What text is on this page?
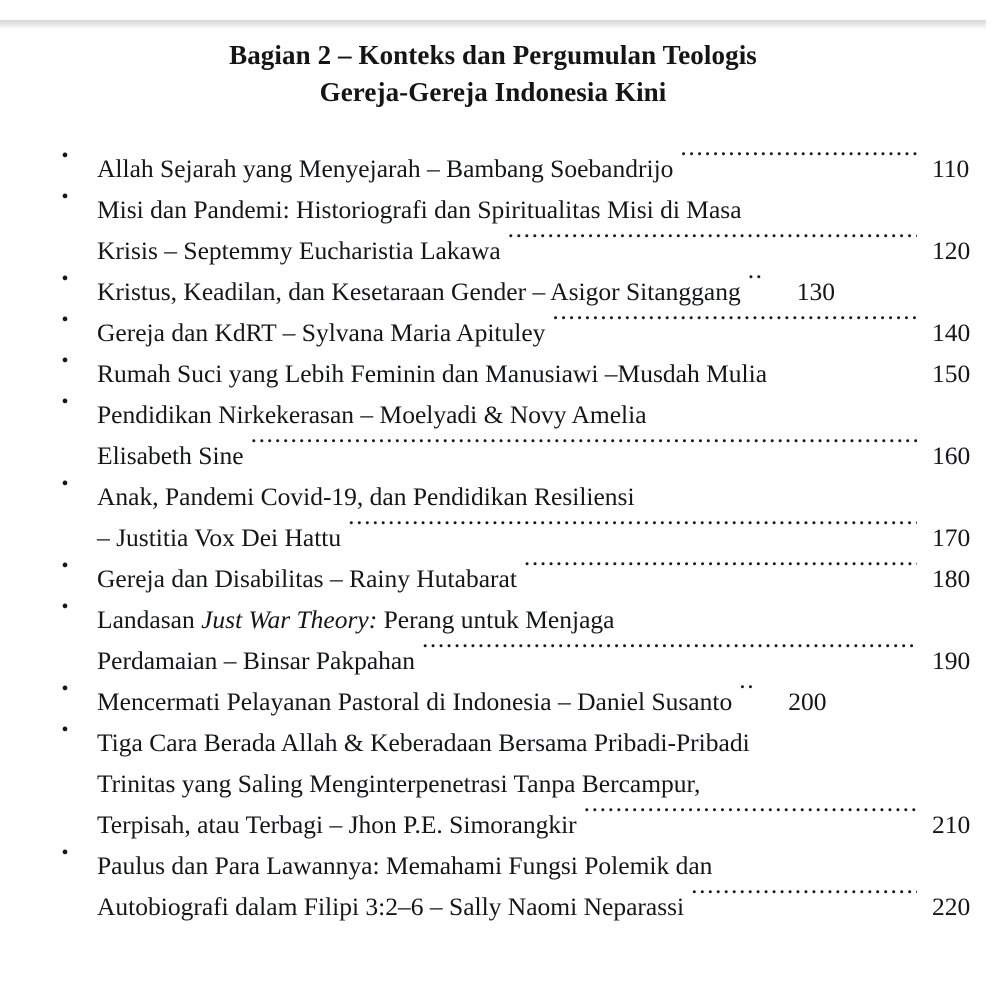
Bagian 2 – Konteks dan Pergumulan Teologis
Gereja-Gereja Indonesia Kini
• Allah Sejarah yang Menyejarah – Bambang Soebandrijo .....	110
• Misi dan Pandemi: Historiografi dan Spiritualitas Misi di Masa
Krisis – Septemmy Eucharistia Lakawa .....	120
• Kristus, Keadilan, dan Kesetaraan Gender – Asigor Sitanggang ..	130
• Gereja dan KdRT – Sylvana Maria Apituley .....	140
• Rumah Suci yang Lebih Feminin dan Manusiawi –Musdah Mulia	150
• Pendidikan Nirkekerasan – Moelyadi & Novy Amelia
Elisabeth Sine .....	160
• Anak, Pandemi Covid-19, dan Pendidikan Resiliensi
– Justitia Vox Dei Hattu .....	170
• Gereja dan Disabilitas – Rainy Hutabarat .....	180
• Landasan Just War Theory: Perang untuk Menjaga
Perdamaian – Binsar Pakpahan .....	190
• Mencermati Pelayanan Pastoral di Indonesia – Daniel Susanto ..	200
• Tiga Cara Berada Allah & Keberadaan Bersama Pribadi-Pribadi
Trinitas yang Saling Menginterpenetrasi Tanpa Bercampur,
Terpisah, atau Terbagi – Jhon P.E. Simorangkir .....	210
• Paulus dan Para Lawannya: Memahami Fungsi Polemik dan
Autobiografi dalam Filipi 3:2–6 – Sally Naomi Neparassi .....	220
